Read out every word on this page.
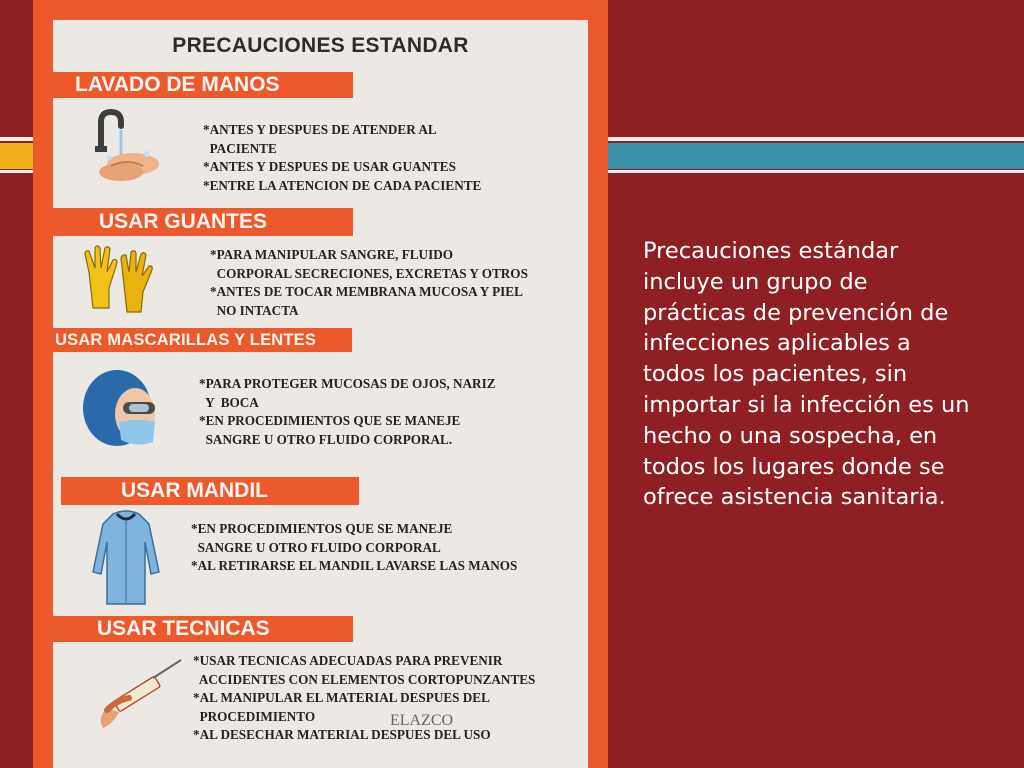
PRECAUCIONES ESTANDAR
LAVADO DE MANOS
*ANTES Y DESPUES DE ATENDER AL
PACIENTE
*ANTES Y DESPUES DE USAR GUANTES
*ENTRE LA ATENCION DE CADA PACIENTE
USAR GUANTES
*PARA MANIPULAR SANGRE, FLUIDO
CORPORAL SECRECIONES, EXCRETAS Y OTROS
*ANTES DE TOCAR MEMBRANA MUCOSA Y PIEL
NO INTACTA
USAR MASCARILLAS Y LENTES
*PARA PROTEGER MUCOSAS DE OJOS, NARIZ
Y  BOCA
*EN PROCEDIMIENTOS QUE SE MANEJE
SANGRE U OTRO FLUIDO CORPORAL.
USAR MANDIL
*EN PROCEDIMIENTOS QUE SE MANEJE
SANGRE U OTRO FLUIDO CORPORAL
*AL RETIRARSE EL MANDIL LAVARSE LAS MANOS
USAR TECNICAS
*USAR TECNICAS ADECUADAS PARA PREVENIR
ACCIDENTES CON ELEMENTOS CORTOPUNZANTES
*AL MANIPULAR EL MATERIAL DESPUES DEL
PROCEDIMIENTO
*AL DESECHAR MATERIAL DESPUES DEL USO
ELAZCO
Precauciones estándar incluye un grupo de prácticas de prevención de infecciones aplicables a todos los pacientes, sin importar si la infección es un hecho o una sospecha, en todos los lugares donde se ofrece asistencia sanitaria.
